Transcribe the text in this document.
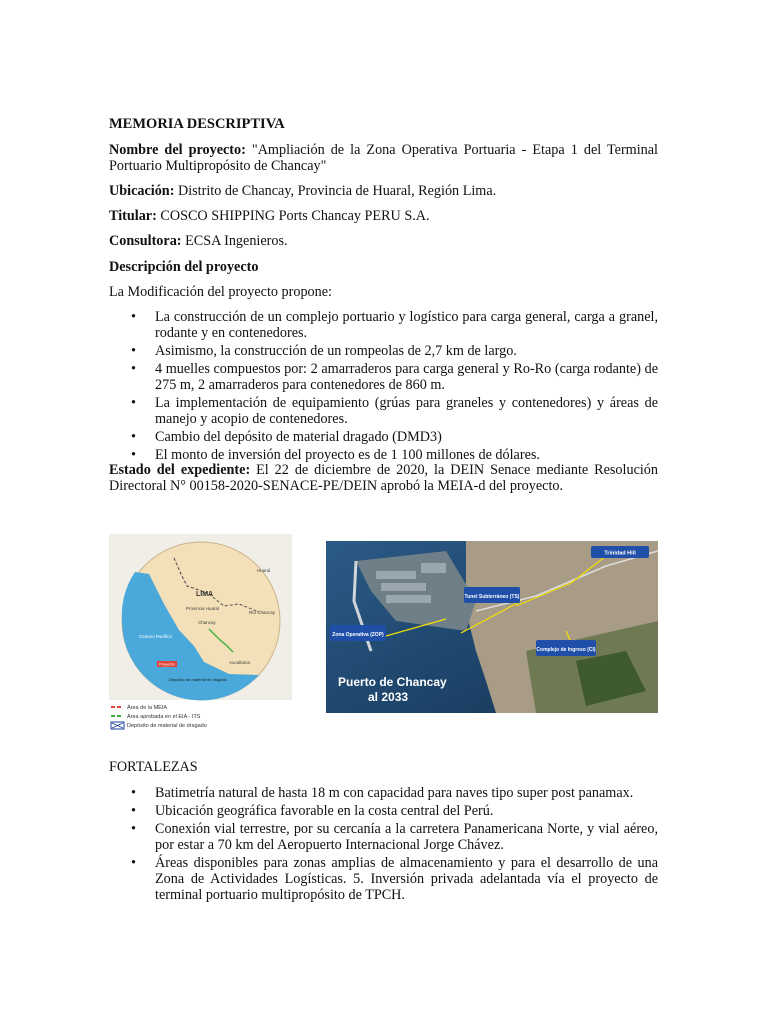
MEMORIA DESCRIPTIVA
Nombre del proyecto: "Ampliación de la Zona Operativa Portuaria - Etapa 1 del Terminal Portuario Multipropósito de Chancay"
Ubicación: Distrito de Chancay, Provincia de Huaral, Región Lima.
Titular: COSCO SHIPPING Ports Chancay PERU S.A.
Consultora: ECSA Ingenieros.
Descripción del proyecto
La Modificación del proyecto propone:
• La construcción de un complejo portuario y logístico para carga general, carga a granel, rodante y en contenedores.
• Asimismo, la construcción de un rompeolas de 2,7 km de largo.
• 4 muelles compuestos por: 2 amarraderos para carga general y Ro-Ro (carga rodante) de 275 m, 2 amarraderos para contenedores de 860 m.
• La implementación de equipamiento (grúas para graneles y contenedores) y áreas de manejo y acopio de contenedores.
• Cambio del depósito de material dragado (DMD3)
• El monto de inversión del proyecto es de 1 100 millones de dólares.
Estado del expediente: El 22 de diciembre de 2020, la DEIN Senace mediante Resolución Directoral N° 00158-2020-SENACE-PE/DEIN aprobó la MEIA-d del proyecto.
FORTALEZAS
• Batimetría natural de hasta 18 m con capacidad para naves tipo super post panamax.
• Ubicación geográfica favorable en la costa central del Perú.
• Conexión vial terrestre, por su cercanía a la carretera Panamericana Norte, y vial aéreo, por estar a 70 km del Aeropuerto Internacional Jorge Chávez.
• Áreas disponibles para zonas amplias de almacenamiento y para el desarrollo de una Zona de Actividades Logísticas. 5. Inversión privada adelantada vía el proyecto de terminal portuario multipropósito de TPCH.
Huaral
LIMA
Provincia Huaral
Chancay
Río Chancay
Océano Pacífico
Aucallama
Proyecto
Depósito de material de dragado
Área de la MEIA
Área aprobada en el EIA - ITS
Depósito de material de dragado
Trinidad Hill
Tunel Subterráneo (TS)
Zona Operativa (ZOP)
Complejo de Ingreso (CI)
Puerto de Chancay
al 2033
